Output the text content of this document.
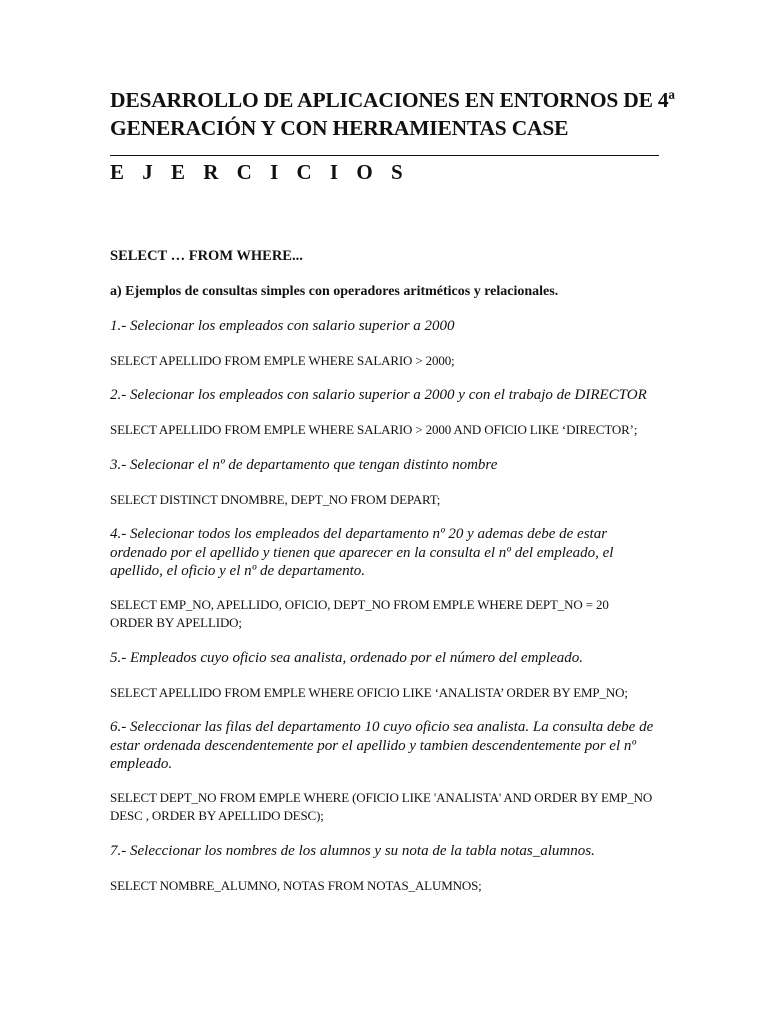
DESARROLLO DE APLICACIONES EN ENTORNOS DE 4ª
GENERACIÓN Y CON HERRAMIENTAS CASE
E J E R C I C I O S
SELECT … FROM WHERE...

a) Ejemplos de consultas simples con operadores aritméticos y relacionales.

1.- Selecionar los empleados con salario superior a 2000

SELECT APELLIDO FROM EMPLE WHERE SALARIO > 2000;

2.- Selecionar los empleados con salario superior a 2000 y con el trabajo de DIRECTOR

SELECT APELLIDO FROM EMPLE WHERE SALARIO > 2000 AND OFICIO LIKE ‘DIRECTOR’;

3.- Selecionar el nº de departamento que tengan distinto nombre

SELECT DISTINCT DNOMBRE, DEPT_NO FROM DEPART;

4.- Selecionar todos los empleados del departamento nº 20 y ademas debe de estar ordenado por el apellido y tienen que aparecer en la consulta el nº del empleado, el apellido, el oficio y el nº de departamento.

SELECT EMP_NO, APELLIDO, OFICIO, DEPT_NO FROM EMPLE WHERE DEPT_NO = 20 ORDER BY APELLIDO;

5.- Empleados cuyo oficio sea analista, ordenado por el número del empleado.

SELECT APELLIDO FROM EMPLE WHERE OFICIO LIKE ‘ANALISTA’ ORDER BY EMP_NO;

6.- Seleccionar las filas del departamento 10 cuyo oficio sea analista. La consulta debe de estar ordenada descendentemente por el apellido y tambien descendentemente por el nº empleado.

SELECT DEPT_NO FROM EMPLE WHERE (OFICIO LIKE 'ANALISTA' AND ORDER BY EMP_NO DESC , ORDER BY APELLIDO DESC);

7.- Seleccionar los nombres de los alumnos y su nota de la tabla notas_alumnos.

SELECT NOMBRE_ALUMNO, NOTAS FROM NOTAS_ALUMNOS;
